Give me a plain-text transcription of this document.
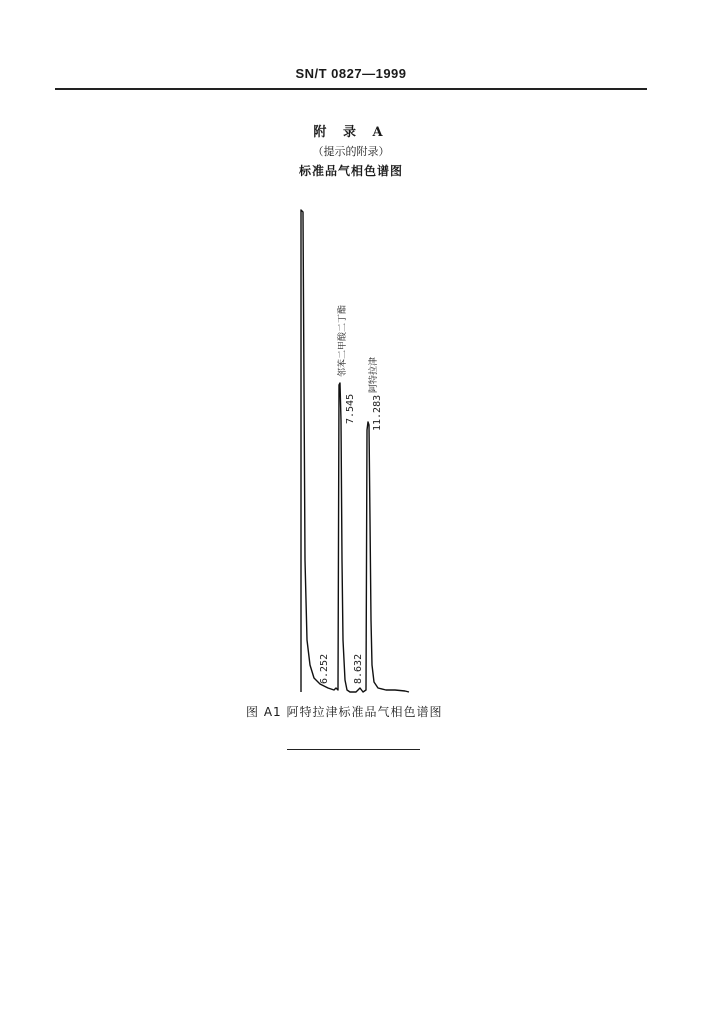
SN/T 0827—1999
附 录 A
（提示的附录）
标准品气相色谱图
6.252
7.545
8.632
11.283
邻苯二甲酸二丁酯 阿特拉津
图 A1 阿特拉津标准品气相色谱图
